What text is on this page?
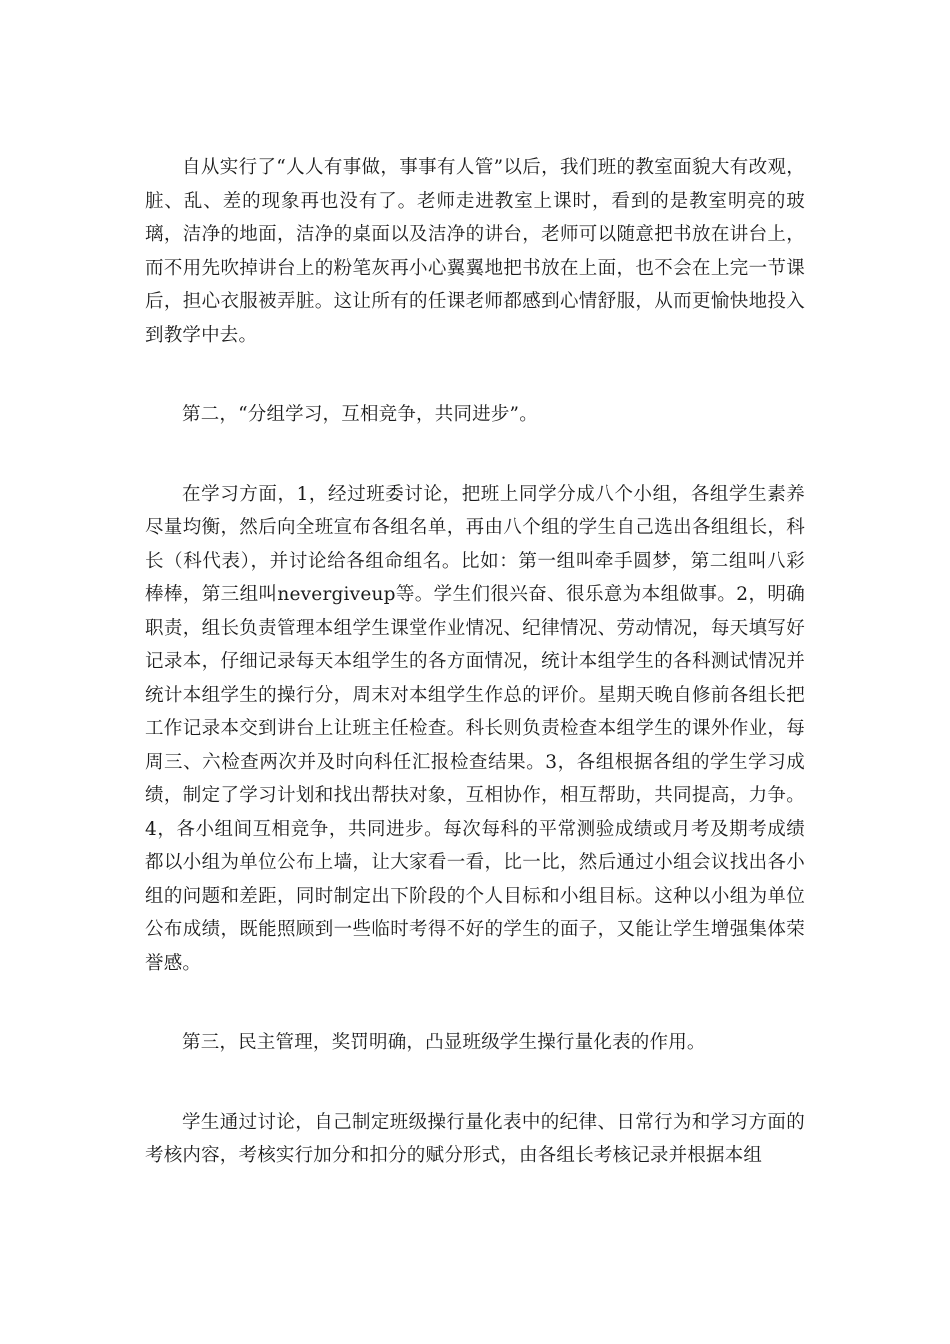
自从实行了“人人有事做，事事有人管”以后，我们班的教室面貌大有改观，脏、乱、差的现象再也没有了。老师走进教室上课时，看到的是教室明亮的玻璃，洁净的地面，洁净的桌面以及洁净的讲台，老师可以随意把书放在讲台上，而不用先吹掉讲台上的粉笔灰再小心翼翼地把书放在上面，也不会在上完一节课后，担心衣服被弄脏。这让所有的任课老师都感到心情舒服，从而更愉快地投入到教学中去。

第二，“分组学习，互相竞争，共同进步”。

在学习方面，1，经过班委讨论，把班上同学分成八个小组，各组学生素养尽量均衡，然后向全班宣布各组名单，再由八个组的学生自己选出各组组长，科长（科代表），并讨论给各组命组名。比如：第一组叫牵手圆梦，第二组叫八彩棒棒，第三组叫nevergiveup等。学生们很兴奋、很乐意为本组做事。2，明确职责，组长负责管理本组学生课堂作业情况、纪律情况、劳动情况，每天填写好记录本，仔细记录每天本组学生的各方面情况，统计本组学生的各科测试情况并统计本组学生的操行分，周末对本组学生作总的评价。星期天晚自修前各组长把工作记录本交到讲台上让班主任检查。科长则负责检查本组学生的课外作业，每周三、六检查两次并及时向科任汇报检查结果。3，各组根据各组的学生学习成绩，制定了学习计划和找出帮扶对象，互相协作，相互帮助，共同提高，力争。4，各小组间互相竞争，共同进步。每次每科的平常测验成绩或月考及期考成绩都以小组为单位公布上墙，让大家看一看，比一比，然后通过小组会议找出各小组的问题和差距，同时制定出下阶段的个人目标和小组目标。这种以小组为单位公布成绩，既能照顾到一些临时考得不好的学生的面子，又能让学生增强集体荣誉感。

第三，民主管理，奖罚明确，凸显班级学生操行量化表的作用。

学生通过讨论，自己制定班级操行量化表中的纪律、日常行为和学习方面的考核内容，考核实行加分和扣分的赋分形式，由各组长考核记录并根据本组
